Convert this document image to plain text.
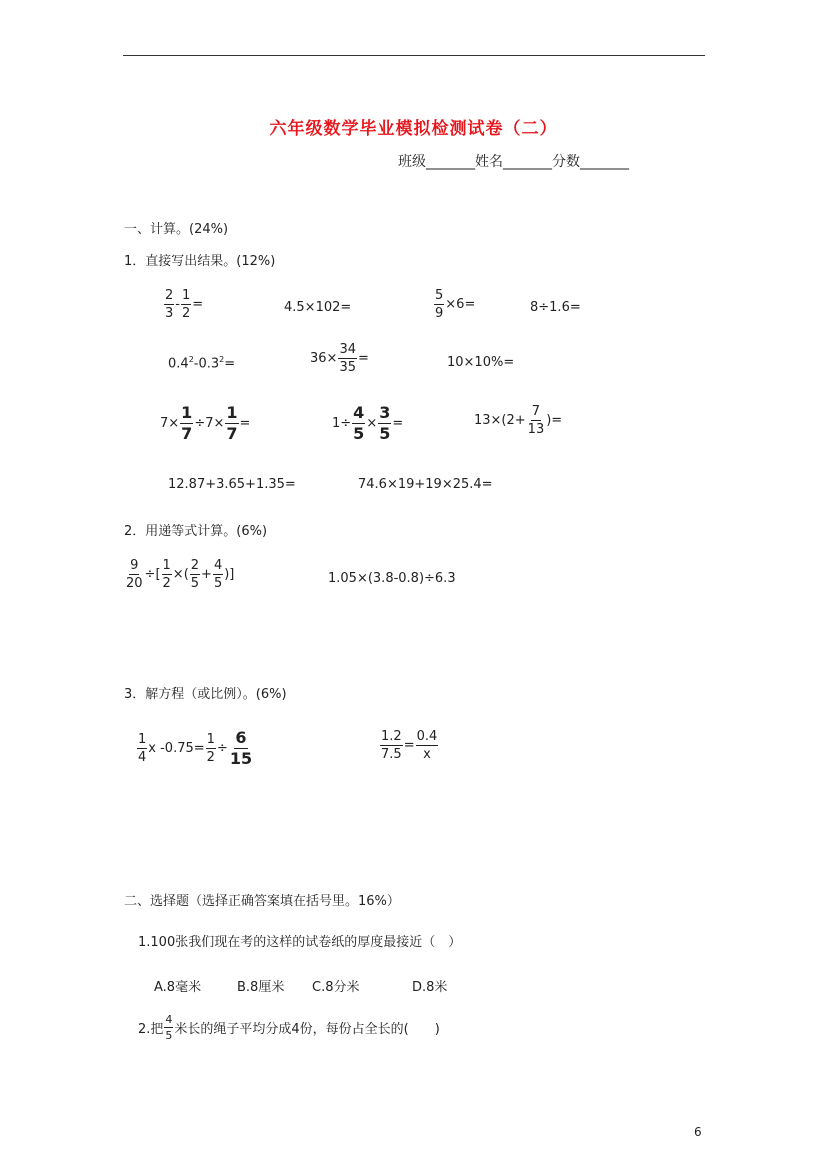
六年级数学毕业模拟检测试卷（二）
班级_______姓名_______分数_______
一、计算。(24%)
1．直接写出结果。(12%)
$\frac{2}{3} - \frac{1}{2}$ =	4.5×102=	$\frac{5}{9} \times 6=$	8÷1.6=
$0.4^2-0.3^2=$	$36\times \frac{34}{35}$ =	10×10%=
$7\times \frac{1}{7} \div 7\times \frac{1}{7}$ =	$1\div \frac{4}{5} \times \frac{3}{5}$ =	$13\times(2+ \frac{7}{13}$ )=
12.87+3.65+1.35=	74.6×19+19×25.4=
2．用递等式计算。(6%)
$\frac{9}{20}$ ÷[ $\frac{1}{2}$ ×( $\frac{2}{5} + \frac{4}{5}$ )]	1.05×(3.8-0.8)÷6.3
3．解方程（或比例）。(6%)
$\frac{1}{4}$ x $-0.75= \frac{1}{2} \div \frac{6}{15}$	$\frac{1.2}{7.5} = \frac{0.4}{x}$
二、选择题（选择正确答案填在括号里。16%）
1.100张我们现在考的这样的试卷纸的厚度最接近（　）
A.8毫米	B.8厘米 C.8分米	D.8米
2.把 $\frac{4}{5}$ 米长的绳子平均分成4份，每份占全长的(　　)
6
